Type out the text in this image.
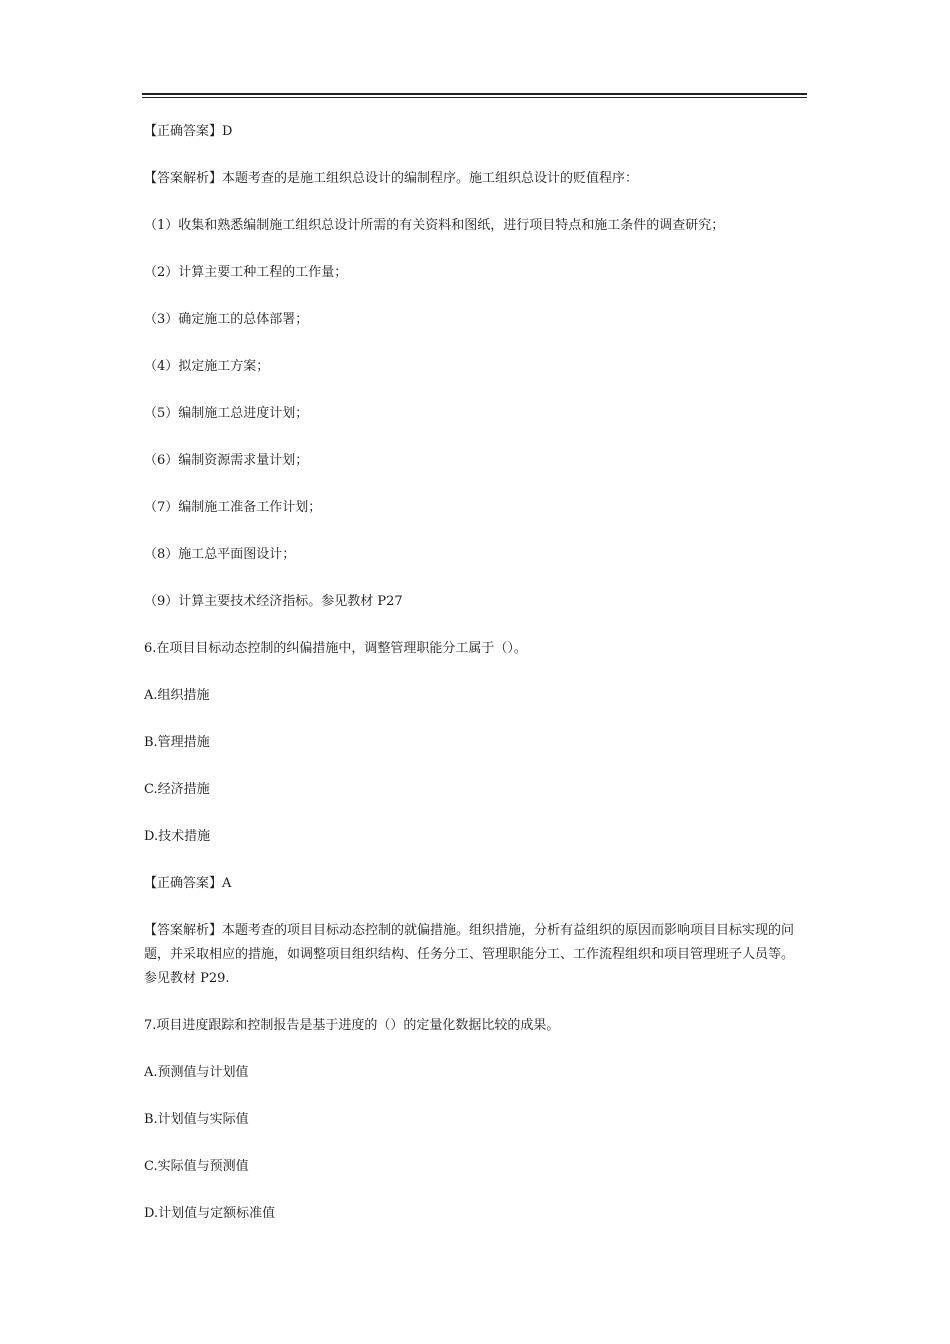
【正确答案】D

【答案解析】本题考查的是施工组织总设计的编制程序。施工组织总设计的贬值程序：

（1）收集和熟悉编制施工组织总设计所需的有关资料和图纸，进行项目特点和施工条件的调查研究；

（2）计算主要工种工程的工作量；

（3）确定施工的总体部署；

（4）拟定施工方案；

（5）编制施工总进度计划；

（6）编制资源需求量计划；

（7）编制施工准备工作计划；

（8）施工总平面图设计；

（9）计算主要技术经济指标。参见教材 P27

6.在项目目标动态控制的纠偏措施中，调整管理职能分工属于（）。

A.组织措施

B.管理措施

C.经济措施

D.技术措施

【正确答案】A

【答案解析】本题考查的项目目标动态控制的就偏措施。组织措施，分析有益组织的原因而影响项目目标实现的问题，并采取相应的措施，如调整项目组织结构、任务分工、管理职能分工、工作流程组织和项目管理班子人员等。参见教材 P29.

7.项目进度跟踪和控制报告是基于进度的（）的定量化数据比较的成果。

A.预测值与计划值

B.计划值与实际值

C.实际值与预测值

D.计划值与定额标准值
